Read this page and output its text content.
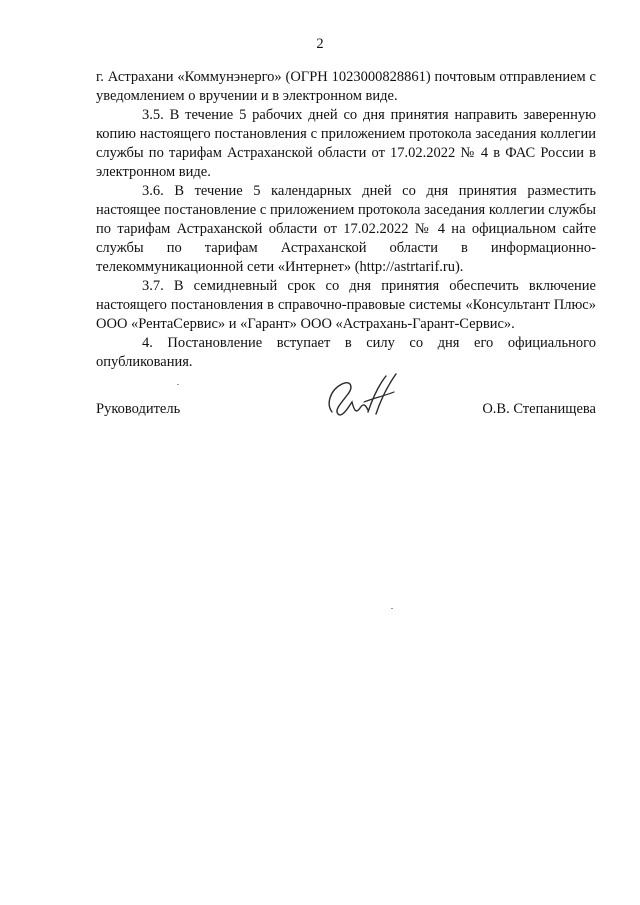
2

г. Астрахани «Коммунэнерго» (ОГРН 1023000828861) почтовым отправлением с уведомлением о вручении и в электронном виде.

3.5. В течение 5 рабочих дней со дня принятия направить заверенную копию настоящего постановления с приложением протокола заседания коллегии службы по тарифам Астраханской области от 17.02.2022 № 4 в ФАС России в электронном виде.

3.6. В течение 5 календарных дней со дня принятия разместить настоящее постановление с приложением протокола заседания коллегии службы по тарифам Астраханской области от 17.02.2022 № 4 на официальном сайте службы по тарифам Астраханской области в информационно-телекоммуникационной сети «Интернет» (http://astrtarif.ru).

3.7. В семидневный срок со дня принятия обеспечить включение настоящего постановления в справочно-правовые системы «Консультант Плюс» ООО «РентаСервис» и «Гарант» ООО «Астрахань-Гарант-Сервис».

4. Постановление вступает в силу со дня его официального опубликования.

Руководитель	О.В. Степанищева
